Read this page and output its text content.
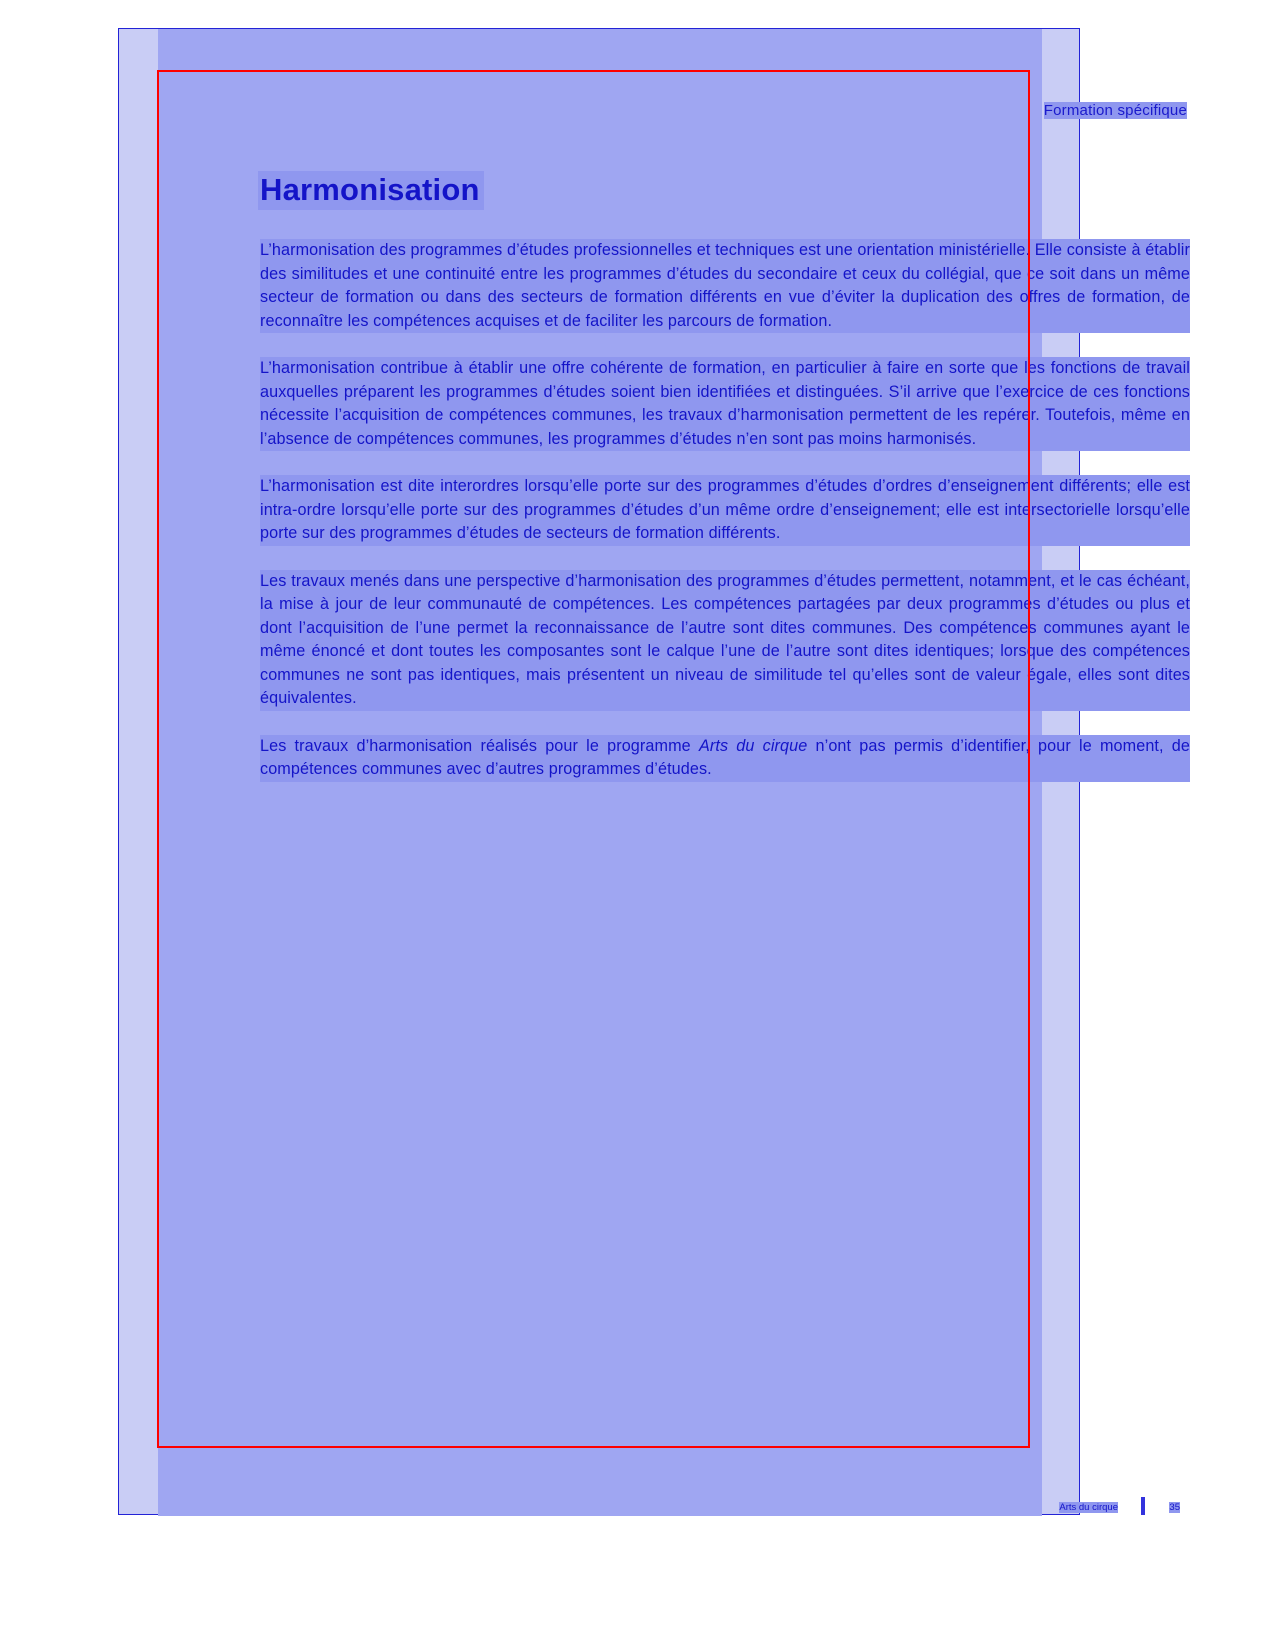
Formation spécifique
Harmonisation

L’harmonisation des programmes d’études professionnelles et techniques est une orientation ministérielle. Elle consiste à établir des similitudes et une continuité entre les programmes d’études du secondaire et ceux du collégial, que ce soit dans un même secteur de formation ou dans des secteurs de formation différents en vue d’éviter la duplication des offres de formation, de reconnaître les compétences acquises et de faciliter les parcours de formation.

L’harmonisation contribue à établir une offre cohérente de formation, en particulier à faire en sorte que les fonctions de travail auxquelles préparent les programmes d’études soient bien identifiées et distinguées. S’il arrive que l’exercice de ces fonctions nécessite l’acquisition de compétences communes, les travaux d’harmonisation permettent de les repérer. Toutefois, même en l’absence de compétences communes, les programmes d’études n’en sont pas moins harmonisés.

L’harmonisation est dite interordres lorsqu’elle porte sur des programmes d’études d’ordres d’enseignement différents; elle est intra-ordre lorsqu’elle porte sur des programmes d’études d’un même ordre d’enseignement; elle est intersectorielle lorsqu’elle porte sur des programmes d’études de secteurs de formation différents.

Les travaux menés dans une perspective d’harmonisation des programmes d’études permettent, notamment, et le cas échéant, la mise à jour de leur communauté de compétences. Les compétences partagées par deux programmes d’études ou plus et dont l’acquisition de l’une permet la reconnaissance de l’autre sont dites communes. Des compétences communes ayant le même énoncé et dont toutes les composantes sont le calque l’une de l’autre sont dites identiques; lorsque des compétences communes ne sont pas identiques, mais présentent un niveau de similitude tel qu’elles sont de valeur égale, elles sont dites équivalentes.

Les travaux d’harmonisation réalisés pour le programme Arts du cirque n’ont pas permis d’identifier, pour le moment, de compétences communes avec d’autres programmes d’études.

Arts du cirque	35
